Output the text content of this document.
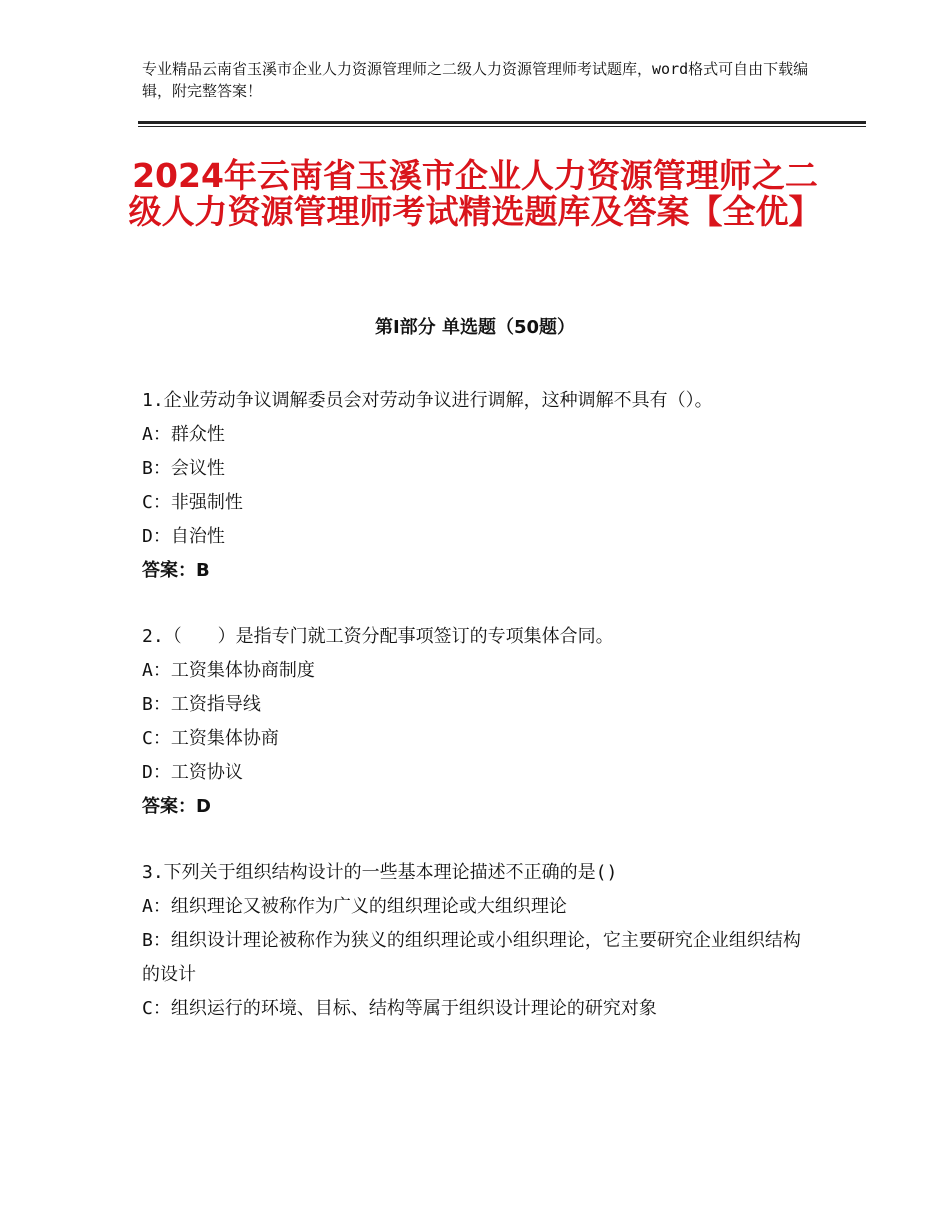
专业精品云南省玉溪市企业人力资源管理师之二级人力资源管理师考试题库，word格式可自由下载编辑，附完整答案！
2024年云南省玉溪市企业人力资源管理师之二级人力资源管理师考试精选题库及答案【全优】
第Ⅰ部分 单选题（50题）
1.企业劳动争议调解委员会对劳动争议进行调解，这种调解不具有（）。
A：群众性
B：会议性
C：非强制性
D：自治性
答案：B
2.（　　）是指专门就工资分配事项签订的专项集体合同。
A：工资集体协商制度
B：工资指导线
C：工资集体协商
D：工资协议
答案：D
3.下列关于组织结构设计的一些基本理论描述不正确的是()
A：组织理论又被称作为广义的组织理论或大组织理论
B：组织设计理论被称作为狭义的组织理论或小组织理论，它主要研究企业组织结构的设计
C：组织运行的环境、目标、结构等属于组织设计理论的研究对象
